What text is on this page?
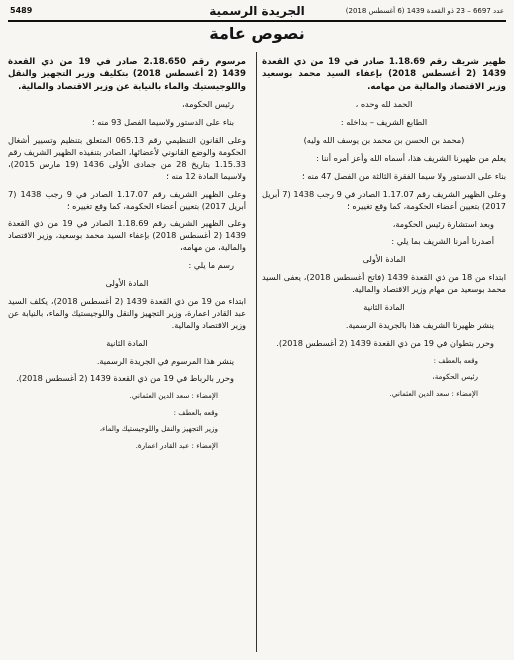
5489	الجريدة الرسمية	عدد 6697 – 23 ذو القعدة 1439 (6 أغسطس 2018)
نصوص عامة
ظهير شريف رقم 1.18.69 صادر في 19 من ذي القعدة 1439 (2 أغسطس 2018) بإعفاء السيد محمد بوسعيد وزير الاقتصاد والمالية من مهامه.
الحمد لله وحده ،
الطابع الشريف – بداخله :
(محمد بن الحسن بن محمد بن يوسف الله وليه)
يعلم من ظهيرنا الشريف هذا، أسماه الله وأعز أمره أننا :
بناء على الدستور ولا سيما الفقرة الثالثة من الفصل 47 منه ؛
وعلى الظهير الشريف رقم 1.17.07 الصادر في 9 رجب 1438 (7 أبريل 2017) بتعيين أعضاء الحكومة، كما وقع تغييره ؛
وبعد استشارة رئيس الحكومة،
أصدرنا أمرنا الشريف بما يلي :
المادة الأولى
ابتداء من 18 من ذي القعدة 1439 (فاتح أغسطس 2018)، يعفى السيد محمد بوسعيد من مهام وزير الاقتصاد والمالية.
المادة الثانية
ينشر ظهيرنا الشريف هذا بالجريدة الرسمية.
وحرر بتطوان في 19 من ذي القعدة 1439 (2 أغسطس 2018).
وقعه بالعطف :
رئيس الحكومة،
الإمضاء : سعد الدين العثماني.
مرسوم رقم 2.18.650 صادر في 19 من ذي القعدة 1439 (2 أغسطس 2018) بتكليف وزير التجهيز والنقل واللوجيستيك والماء بالنيابة عن وزير الاقتصاد والمالية.
رئيس الحكومة،
بناء على الدستور ولاسيما الفصل 93 منه ؛
وعلى القانون التنظيمي رقم 065.13 المتعلق بتنظيم وتسيير أشغال الحكومة والوضع القانوني لأعضائها، الصادر بتنفيذه الظهير الشريف رقم 1.15.33 بتاريخ 28 من جمادى الأولى 1436 (19 مارس 2015)، ولاسيما المادة 12 منه ؛
وعلى الظهير الشريف رقم 1.17.07 الصادر في 9 رجب 1438 (7 أبريل 2017) بتعيين أعضاء الحكومة، كما وقع تغييره ؛
وعلى الظهير الشريف رقم 1.18.69 الصادر في 19 من ذي القعدة 1439 (2 أغسطس 2018) بإعفاء السيد محمد بوسعيد، وزير الاقتصاد والمالية، من مهامه،
رسم ما يلي :
المادة الأولى
ابتداء من 19 من ذي القعدة 1439 (2 أغسطس 2018)، يكلف السيد عبد القادر اعمارة، وزير التجهيز والنقل واللوجيستيك والماء، بالنيابة عن وزير الاقتصاد والمالية.
المادة الثانية
ينشر هذا المرسوم في الجريدة الرسمية.
وحرر بالرباط في 19 من ذي القعدة 1439 (2 أغسطس 2018).
الإمضاء : سعد الدين العثماني.
وقعه بالعطف :
وزير التجهيز والنقل واللوجيستيك والماء،
الإمضاء : عبد القادر اعمارة.
